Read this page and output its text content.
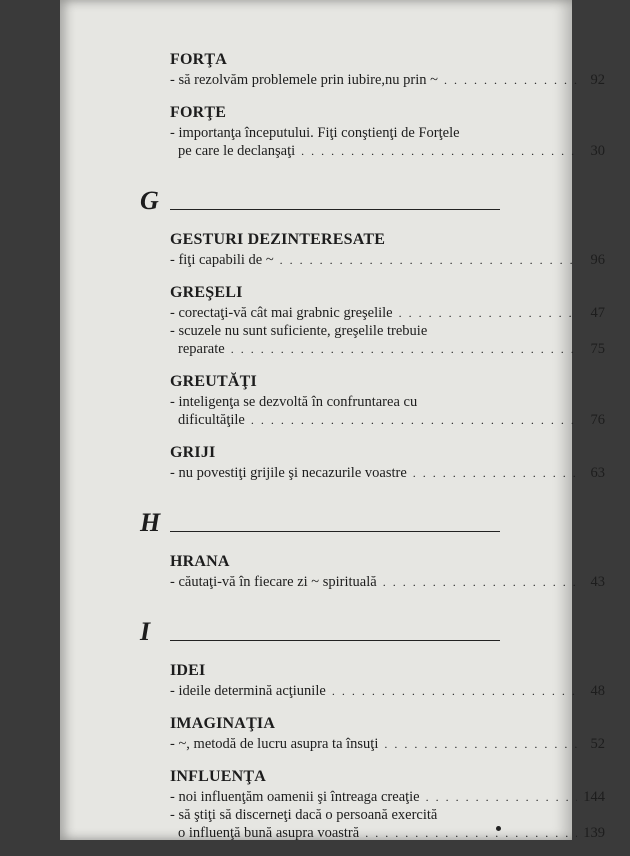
FORŢA
- să rezolvăm problemele prin iubire,nu prin ~ . . .	92
FORŢE
- importanţa începutului. Fiţi conştienţi de Forţele
pe care le declanşaţi . . .	30
G
GESTURI DEZINTERESATE
- fiţi capabili de ~ . . .	96
GREŞELI
- corectaţi-vă cât mai grabnic greşelile . . .	47
- scuzele nu sunt suficiente, greşelile trebuie
reparate . . .	75
GREUTĂŢI
- inteligenţa se dezvoltă în confruntarea cu
dificultăţile . . .	76
GRIJI
- nu povestiţi grijile şi necazurile voastre . . .	63
H
HRANA
- căutaţi-vă în fiecare zi ~ spirituală . . .	43
I
IDEI
- ideile determină acţiunile . . .	48
IMAGINAŢIA
- ~, metodă de lucru asupra ta însuţi . . .	52
INFLUENŢA
- noi influenţăm oamenii şi întreaga creaţie . . .	144
- să ştiţi să discerneţi dacă o persoană exercită
o influenţă bună asupra voastră . . .	139
